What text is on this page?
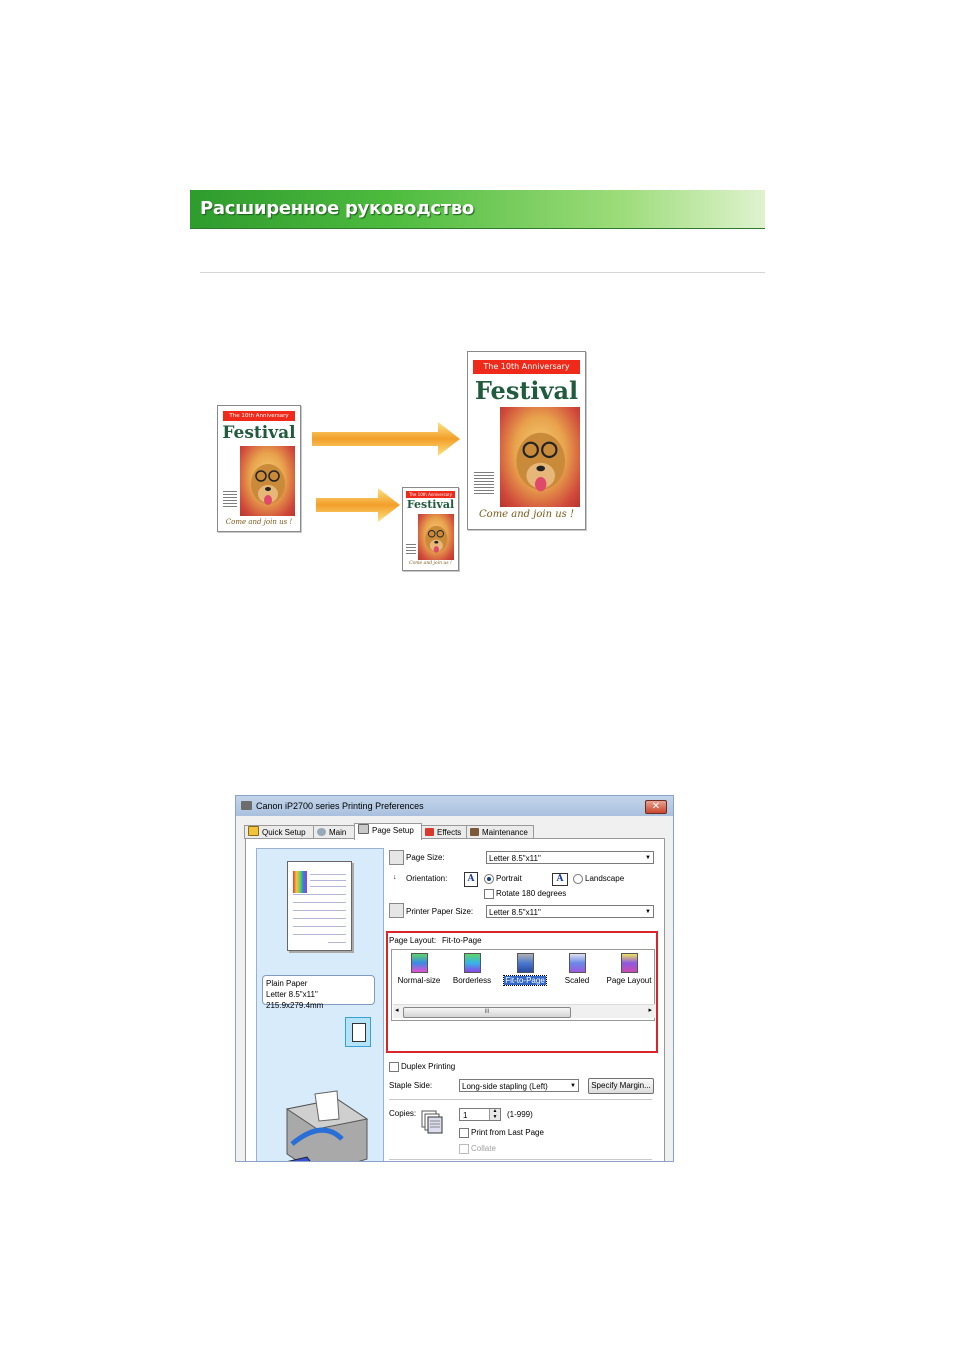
Расширенное руководство
The 10th Anniversary
Festival
Come and join us !
The 10th Anniversary
Festival
Come and join us !
The 10th Anniversary
Festival
Come and join us !
Canon iP2700 series Printing Preferences	✕
Quick Setup	Main	Page Setup	Effects	Maintenance
Plain Paper
Letter 8.5"x11" 215.9x279.4mm
A
Page Size:	Letter 8.5"x11" ▼
↓ Orientation:	A	Portrait	A	Landscape
Rotate 180 degrees
Printer Paper Size:	Letter 8.5"x11" ▼
Page Layout: Fit-to-Page
Normal-size	Borderless	Fit-to-Page	Scaled	Page Layout
◂	III	▸
Duplex Printing
Staple Side:	Long-side stapling (Left) ▼	Specify Margin...
Copies:	1	▲
▼	(1-999)
Print from Last Page
Collate
